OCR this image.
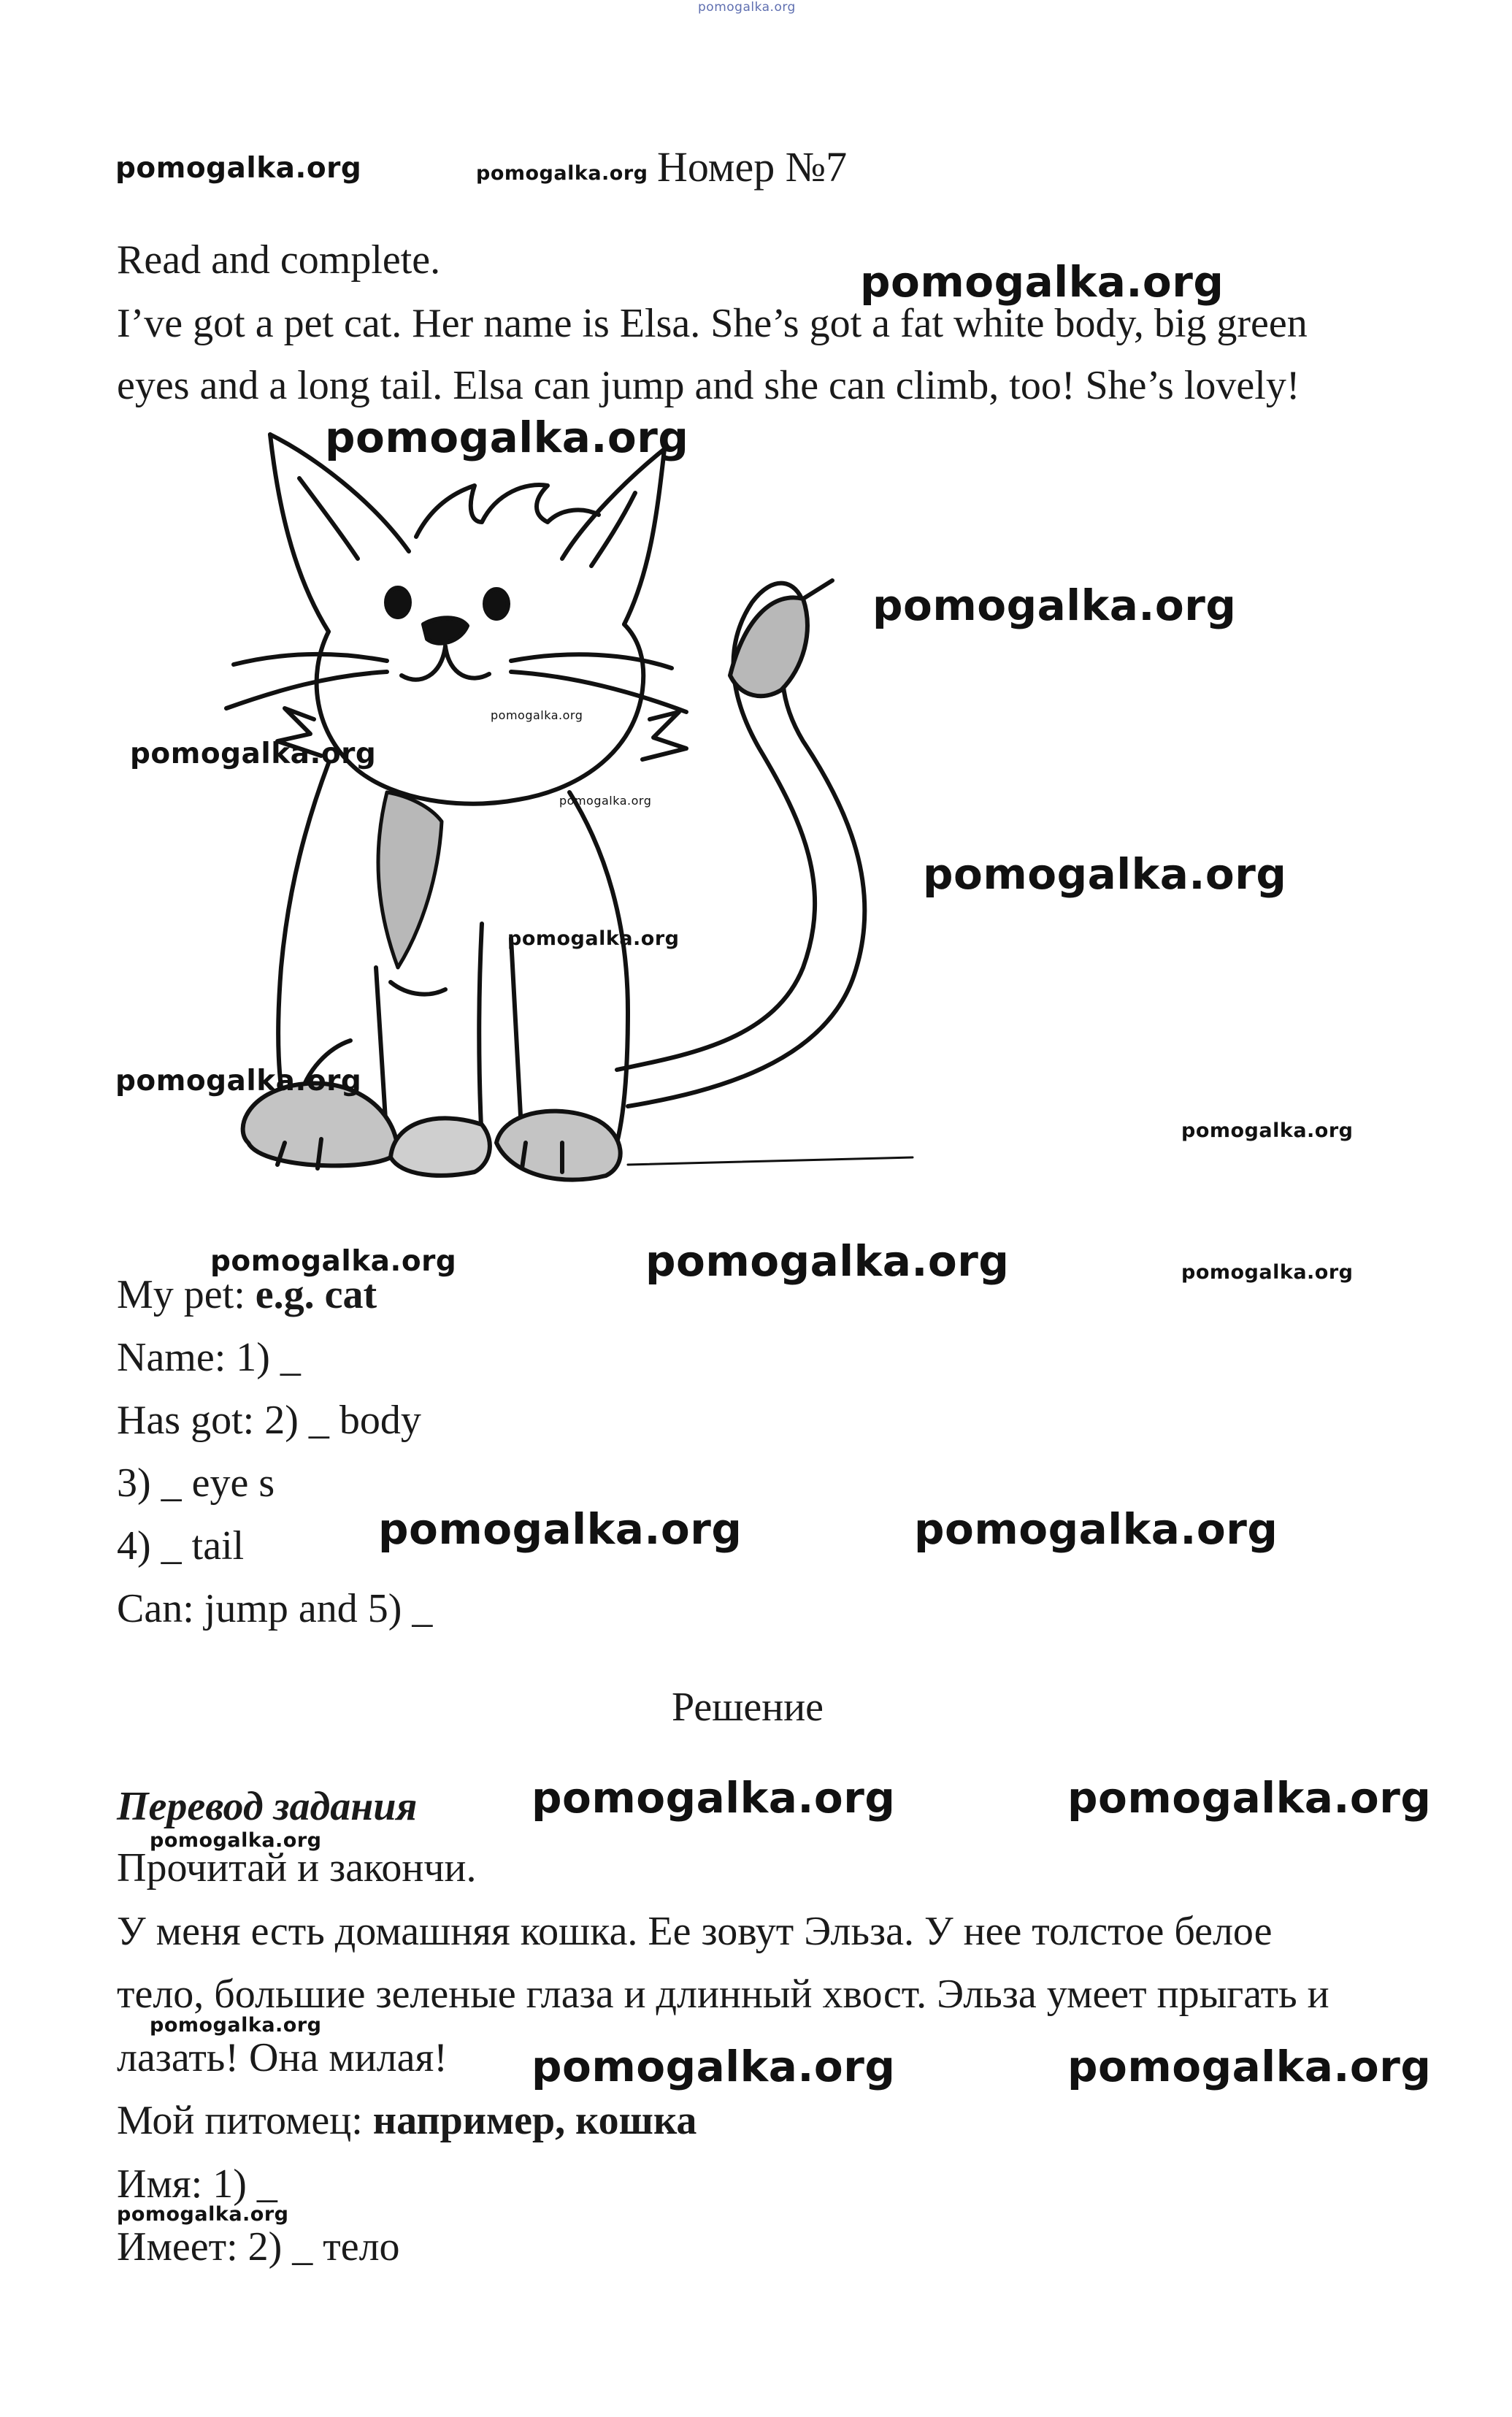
pomogalka.org
pomogalka.org	pomogalka.org Номер №7
Read and complete.	pomogalka.org
I’ve got a pet cat. Her name is Elsa. She’s got a fat white body, big green
eyes and a long tail. Elsa can jump and she can climb, too! She’s lovely!
pomogalka.org
pomogalka.org
pomogalka.org
pomogalka.org
pomogalka.org
pomogalka.org
pomogalka.org
pomogalka.org
pomogalka.org
pomogalka.org	pomogalka.org	pomogalka.org
My pet: e.g. cat
Name: 1) _
Has got: 2) _ body
3) _ eye s
4) _ tail	pomogalka.org	pomogalka.org
Can: jump and 5) _
Решение
Перевод задания	pomogalka.org	pomogalka.org
pomogalka.org
Прочитай и закончи.
У меня есть домашняя кошка. Ее зовут Эльза. У нее толстое белое
pomogalka.org
тело, большие зеленые глаза и длинный хвост. Эльза умеет прыгать и
лазать! Она милая! pomogalka.org	pomogalka.org
Мой питомец: например, кошка
Имя: 1) _
pomogalka.org
Имеет: 2) _ тело
